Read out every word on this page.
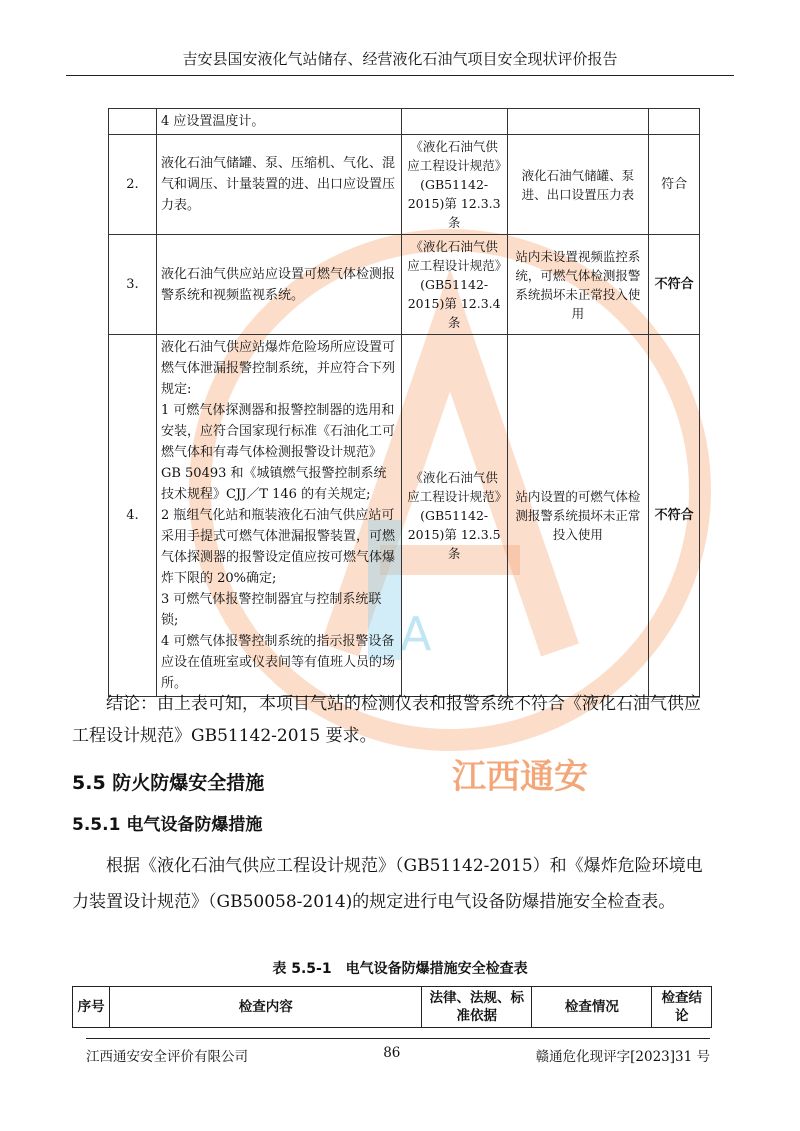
A
江西通安
吉安县国安液化气站储存、经营液化石油气项目安全现状评价报告

	4 应设置温度计。			

2.	液化石油气储罐、泵、压缩机、气化、混气和调压、计量装置的进、出口应设置压力表。	《液化石油气供应工程设计规范》(GB51142-2015)第 12.3.3 条	液化石油气储罐、泵进、出口设置压力表	符合
3.	液化石油气供应站应设置可燃气体检测报警系统和视频监视系统。	《液化石油气供应工程设计规范》(GB51142-2015)第 12.3.4 条	站内未设置视频监控系统，可燃气体检测报警系统损坏未正常投入使用	不符合
4.	液化石油气供应站爆炸危险场所应设置可燃气体泄漏报警控制系统，并应符合下列规定:
1 可燃气体探测器和报警控制器的选用和安装，应符合国家现行标准《石油化工可燃气体和有毒气体检测报警设计规范》GB 50493 和《城镇燃气报警控制系统技术规程》CJJ／T 146 的有关规定;
2 瓶组气化站和瓶装液化石油气供应站可采用手提式可燃气体泄漏报警装置，可燃气体探测器的报警设定值应按可燃气体爆炸下限的 20%确定;
3 可燃气体报警控制器宜与控制系统联锁;
4 可燃气体报警控制系统的指示报警设备应设在值班室或仪表间等有值班人员的场所。	《液化石油气供应工程设计规范》(GB51142-2015)第 12.3.5 条	站内设置的可燃气体检测报警系统损坏未正常投入使用	不符合
结论：由上表可知，本项目气站的检测仪表和报警系统不符合《液化石油气供应工程设计规范》GB51142-2015 要求。
5.5 防火防爆安全措施
5.5.1 电气设备防爆措施
根据《液化石油气供应工程设计规范》（GB51142-2015）和《爆炸危险环境电力装置设计规范》（GB50058-2014)的规定进行电气设备防爆措施安全检查表。
表 5.5-1　电气设备防爆措施安全检查表
序号	检查内容	法律、法规、标准依据	检查情况	检查结论
江西通安安全评价有限公司	86	赣通危化现评字[2023]31 号
